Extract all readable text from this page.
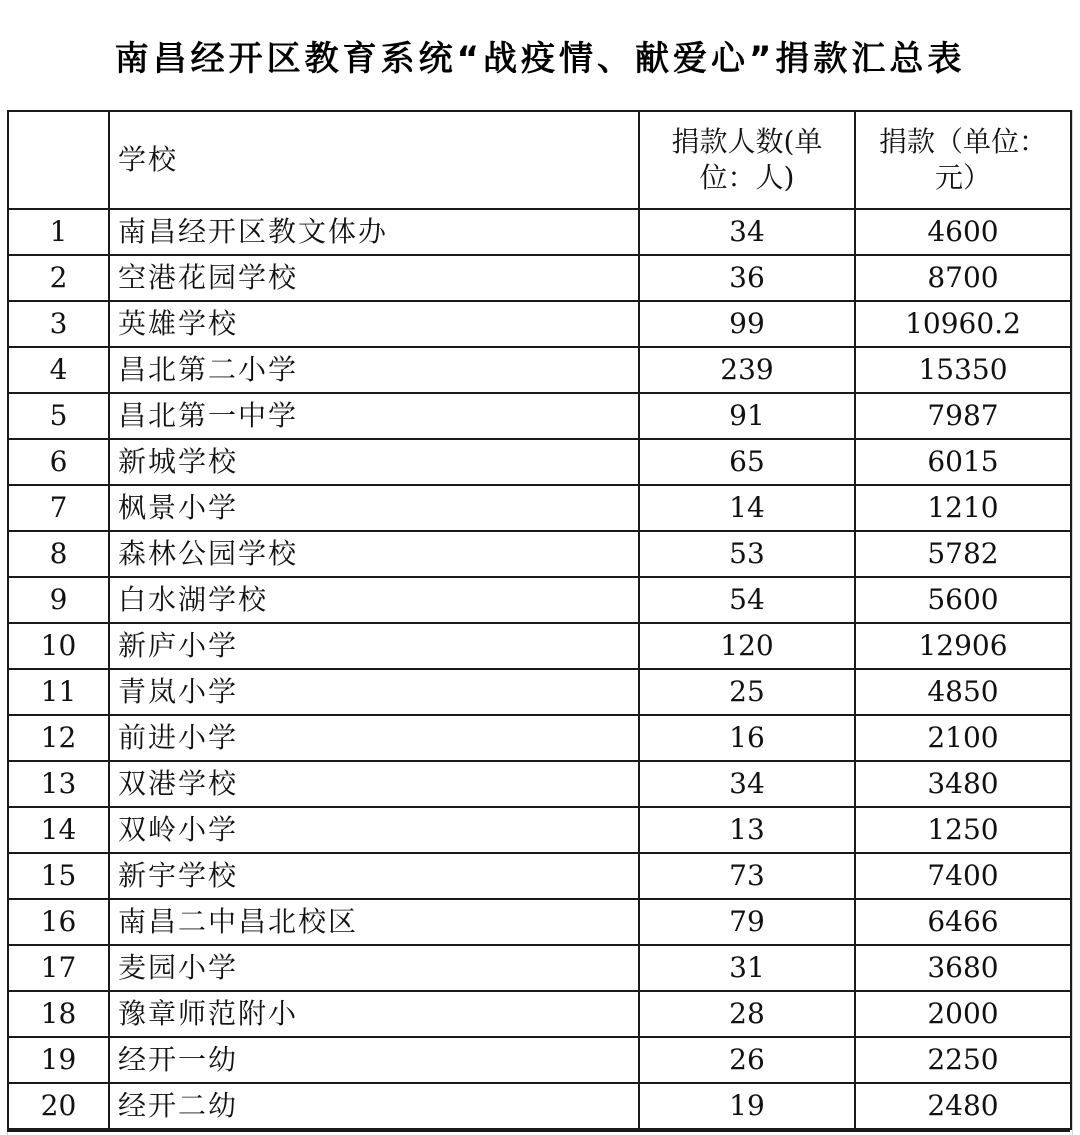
南昌经开区教育系统“战疫情、献爱心”捐款汇总表
	学校	捐款人数(单位：人)	捐款（单位：元）
1	南昌经开区教文体办	34	4600
2	空港花园学校	36	8700
3	英雄学校	99	10960.2
4	昌北第二小学	239	15350
5	昌北第一中学	91	7987
6	新城学校	65	6015
7	枫景小学	14	1210
8	森林公园学校	53	5782
9	白水湖学校	54	5600
10	新庐小学	120	12906
11	青岚小学	25	4850
12	前进小学	16	2100
13	双港学校	34	3480
14	双岭小学	13	1250
15	新宇学校	73	7400
16	南昌二中昌北校区	79	6466
17	麦园小学	31	3680
18	豫章师范附小	28	2000
19	经开一幼	26	2250
20	经开二幼	19	2480
